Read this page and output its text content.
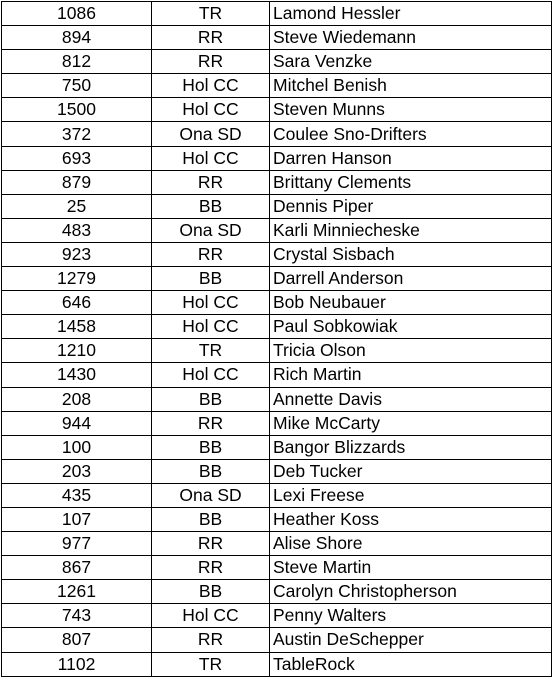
1086	TR	Lamond Hessler
894	RR	Steve Wiedemann
812	RR	Sara Venzke
750	Hol CC	Mitchel Benish
1500	Hol CC	Steven Munns
372	Ona SD	Coulee Sno-Drifters
693	Hol CC	Darren Hanson
879	RR	Brittany Clements
25	BB	Dennis Piper
483	Ona SD	Karli Minniecheske
923	RR	Crystal Sisbach
1279	BB	Darrell Anderson
646	Hol CC	Bob Neubauer
1458	Hol CC	Paul Sobkowiak
1210	TR	Tricia Olson
1430	Hol CC	Rich Martin
208	BB	Annette Davis
944	RR	Mike McCarty
100	BB	Bangor Blizzards
203	BB	Deb Tucker
435	Ona SD	Lexi Freese
107	BB	Heather Koss
977	RR	Alise Shore
867	RR	Steve Martin
1261	BB	Carolyn Christopherson
743	Hol CC	Penny Walters
807	RR	Austin DeSchepper
1102	TR	TableRock
